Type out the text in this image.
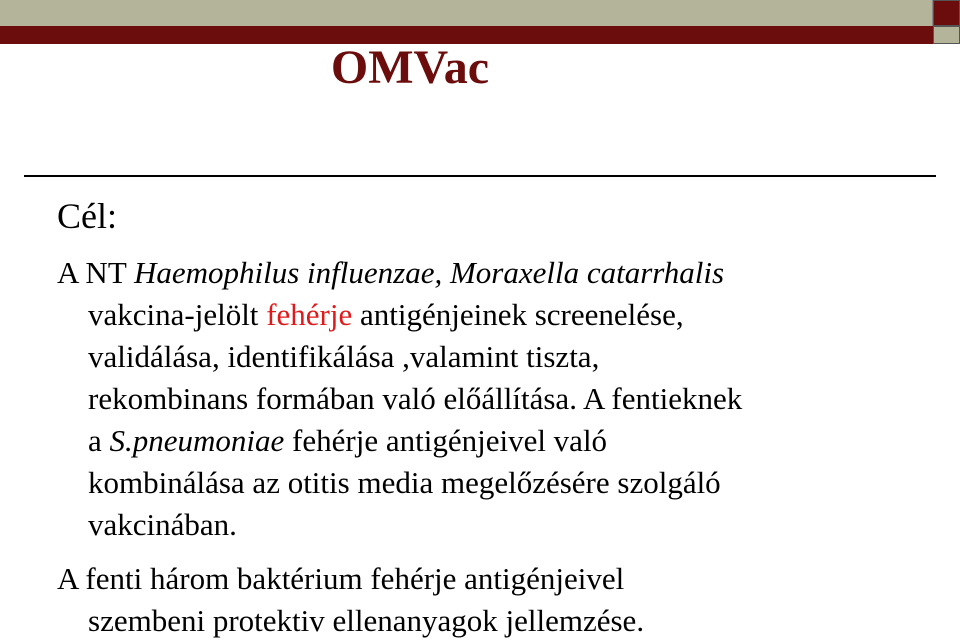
OMVac

Cél:

A NT Haemophilus influenzae, Moraxella catarrhalis
vakcina-jelölt fehérje antigénjeinek screenelése,
validálása, identifikálása ,valamint tiszta,
rekombinans formában való előállítása. A fentieknek
a S.pneumoniae fehérje antigénjeivel való
kombinálása az otitis media megelőzésére szolgáló
vakcinában.
A fenti három baktérium fehérje antigénjeivel
szembeni protektiv ellenanyagok jellemzése.
